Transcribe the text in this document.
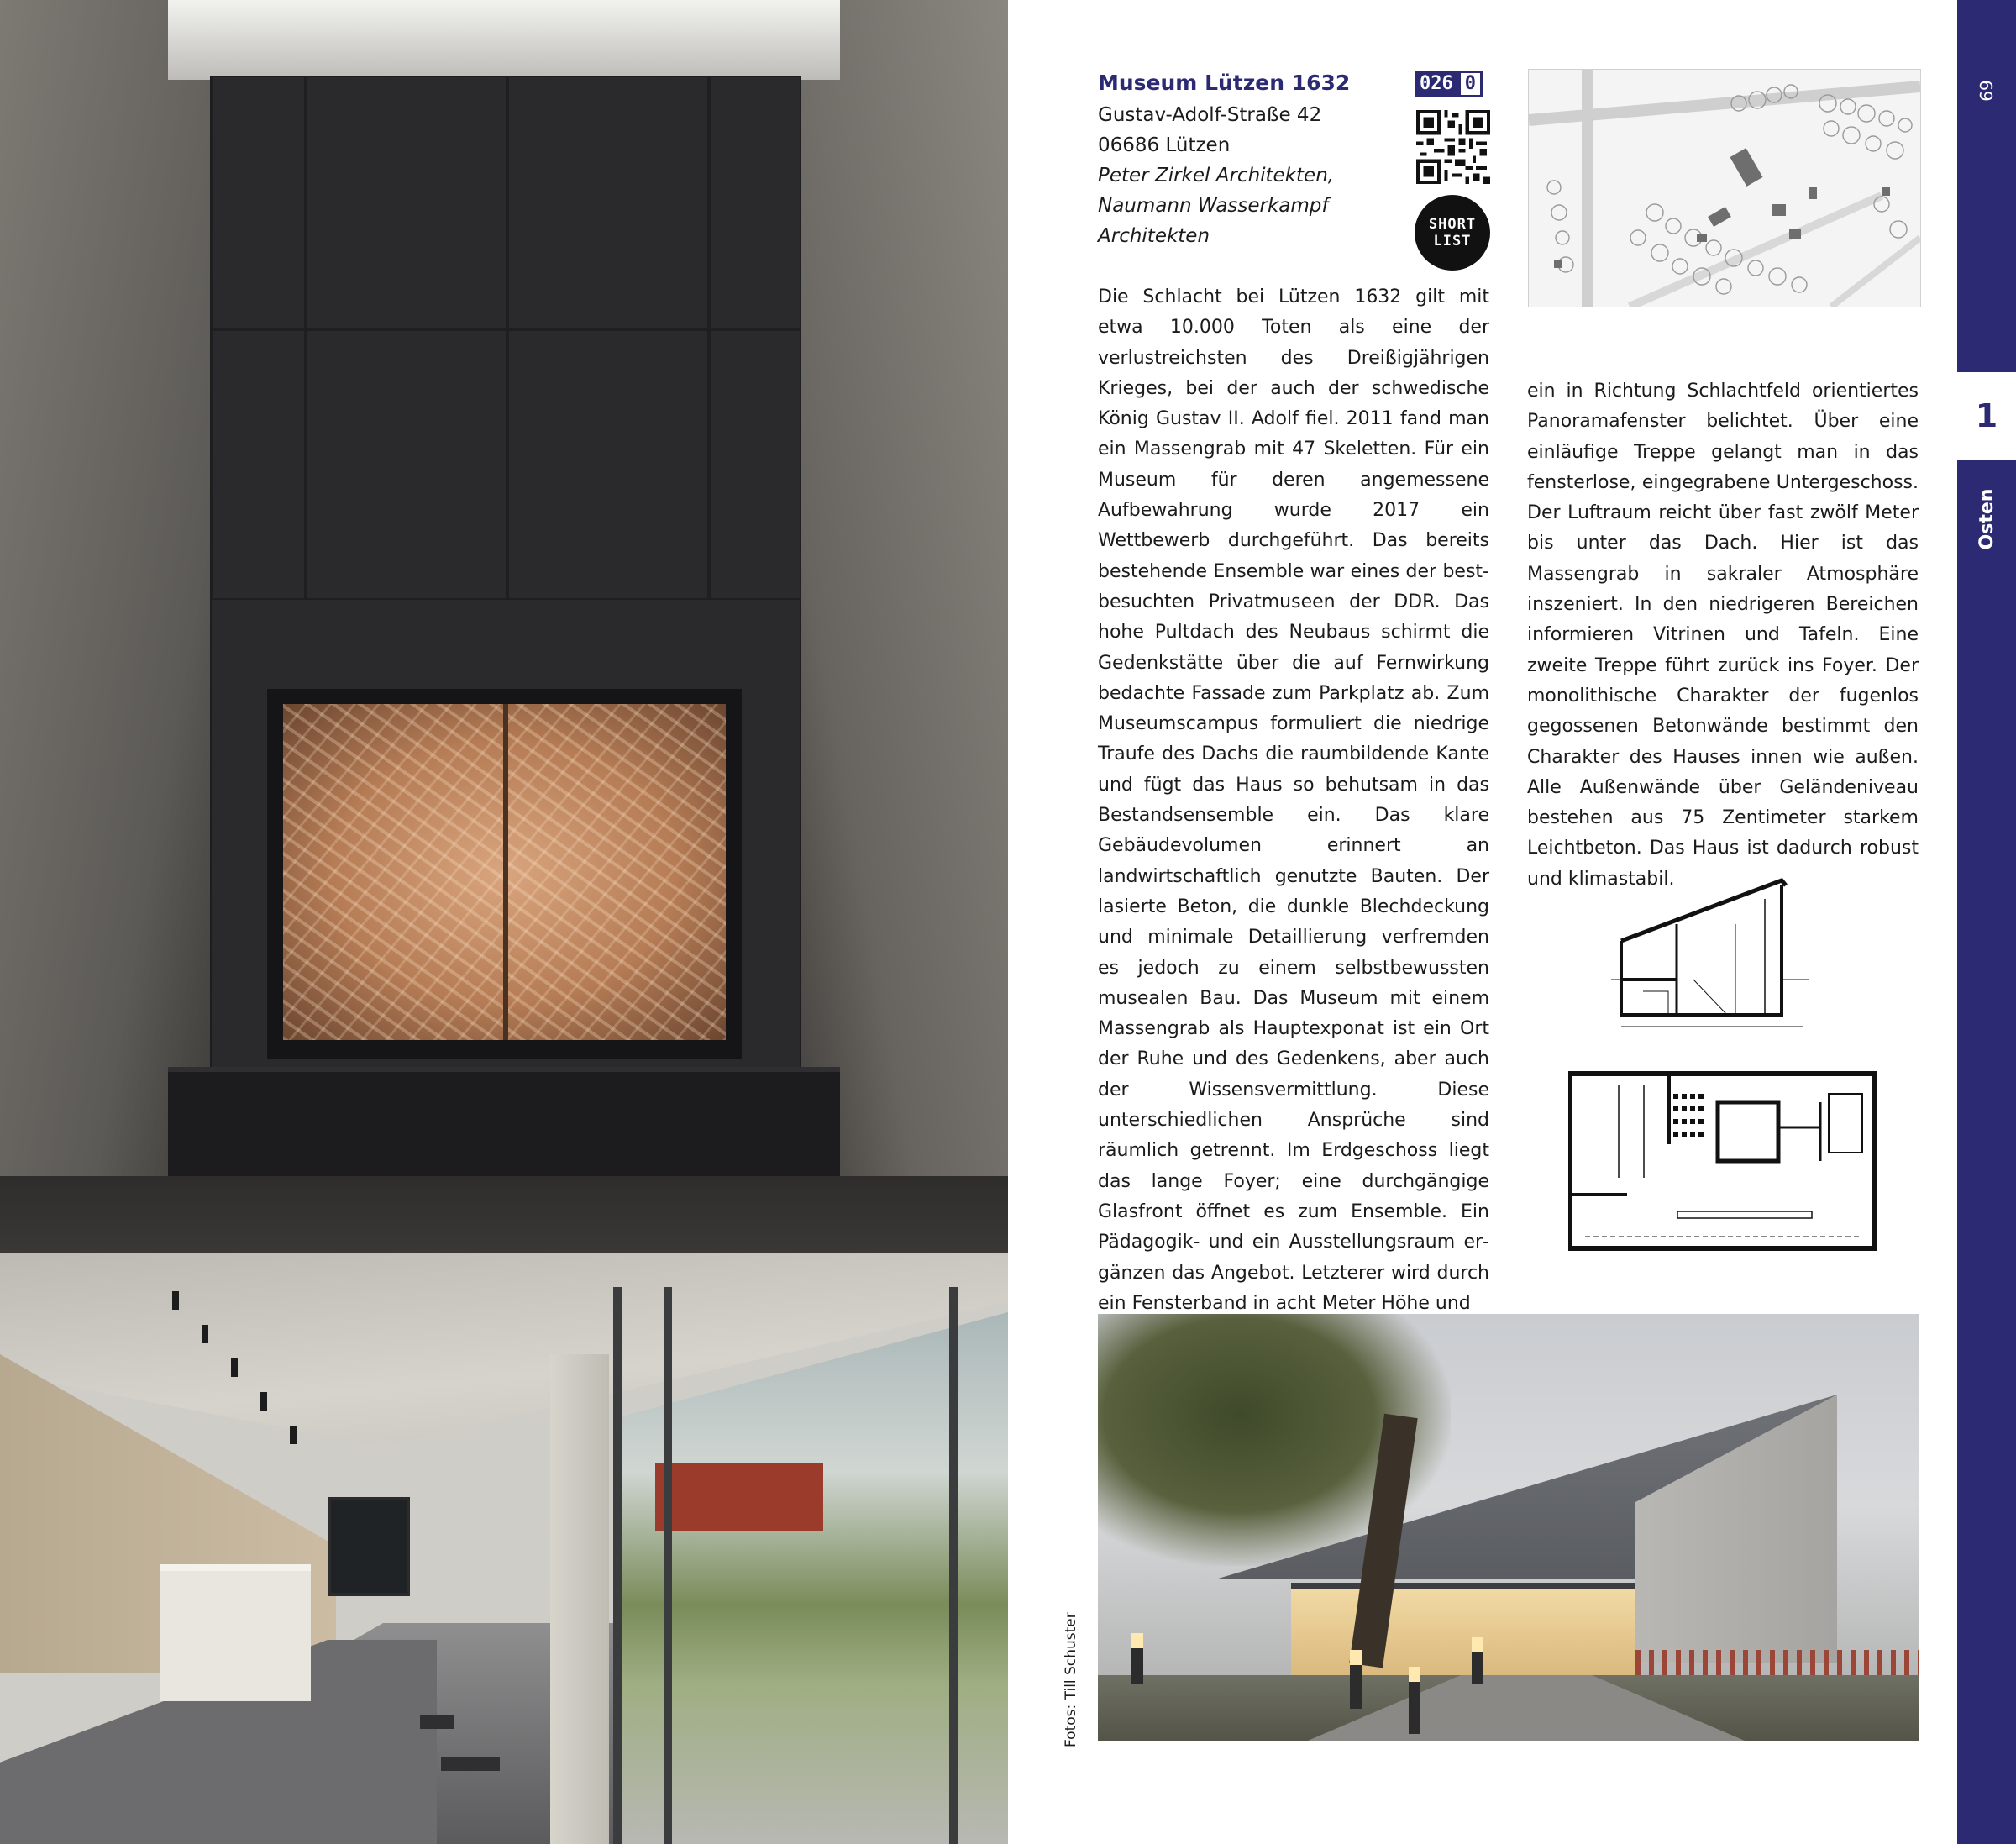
Museum Lützen 1632
Gustav-Adolf-Straße 42
06686 Lützen
Peter Zirkel Architekten,
Naumann Wasserkampf
Architekten
026 0
SHORT
LIST
Die Schlacht bei Lützen 1632 gilt mit etwa 10.000 Toten als eine der verlustreichsten des Dreißigjährigen Krieges, bei der auch der schwedische König Gustav II. Adolf fiel. 2011 fand man ein Massengrab mit 47 Skeletten. Für ein Museum für deren angemessene Aufbewahrung wurde 2017 ein Wettbewerb durchgeführt. Das bereits bestehende Ensemble war eines der bestbesuchten Privatmuseen der DDR. Das hohe Pultdach des Neubaus schirmt die Gedenkstätte über die auf Fernwirkung bedachte Fassade zum Parkplatz ab. Zum Museumscampus formuliert die niedrige Traufe des Dachs die raumbildende Kante und fügt das Haus so behutsam in das Bestandsensemble ein. Das klare Gebäudevolumen erinnert an landwirtschaftlich genutzte Bauten. Der lasierte Beton, die dunkle Blechdeckung und minimale Detaillierung verfremden es jedoch zu einem selbstbewussten musealen Bau. Das Museum mit einem Massengrab als Hauptexponat ist ein Ort der Ruhe und des Gedenkens, aber auch der Wissensvermittlung. Diese unterschiedlichen Ansprüche sind räumlich getrennt. Im Erdgeschoss liegt das lange Foyer; eine durchgängige Glasfront öffnet es zum Ensemble. Ein Pädagogik- und ein Ausstellungsraum ergänzen das Angebot. Letzterer wird durch ein Fensterband in acht Meter Höhe und
ein in Richtung Schlachtfeld orientiertes Panoramafenster belichtet. Über eine einläufige Treppe gelangt man in das fensterlose, eingegrabene Untergeschoss. Der Luftraum reicht über fast zwölf Meter bis unter das Dach. Hier ist das Massengrab in sakraler Atmosphäre inszeniert. In den niedrigeren Bereichen informieren Vitrinen und Tafeln. Eine zweite Treppe führt zurück ins Foyer. Der monolithische Charakter der fugenlos gegossenen Betonwände bestimmt den Charakter des Hauses innen wie außen. Alle Außenwände über Geländeniveau bestehen aus 75 Zentimeter starkem Leichtbeton. Das Haus ist dadurch robust und klimastabil.
Fotos: Till Schuster
69
1
Osten
